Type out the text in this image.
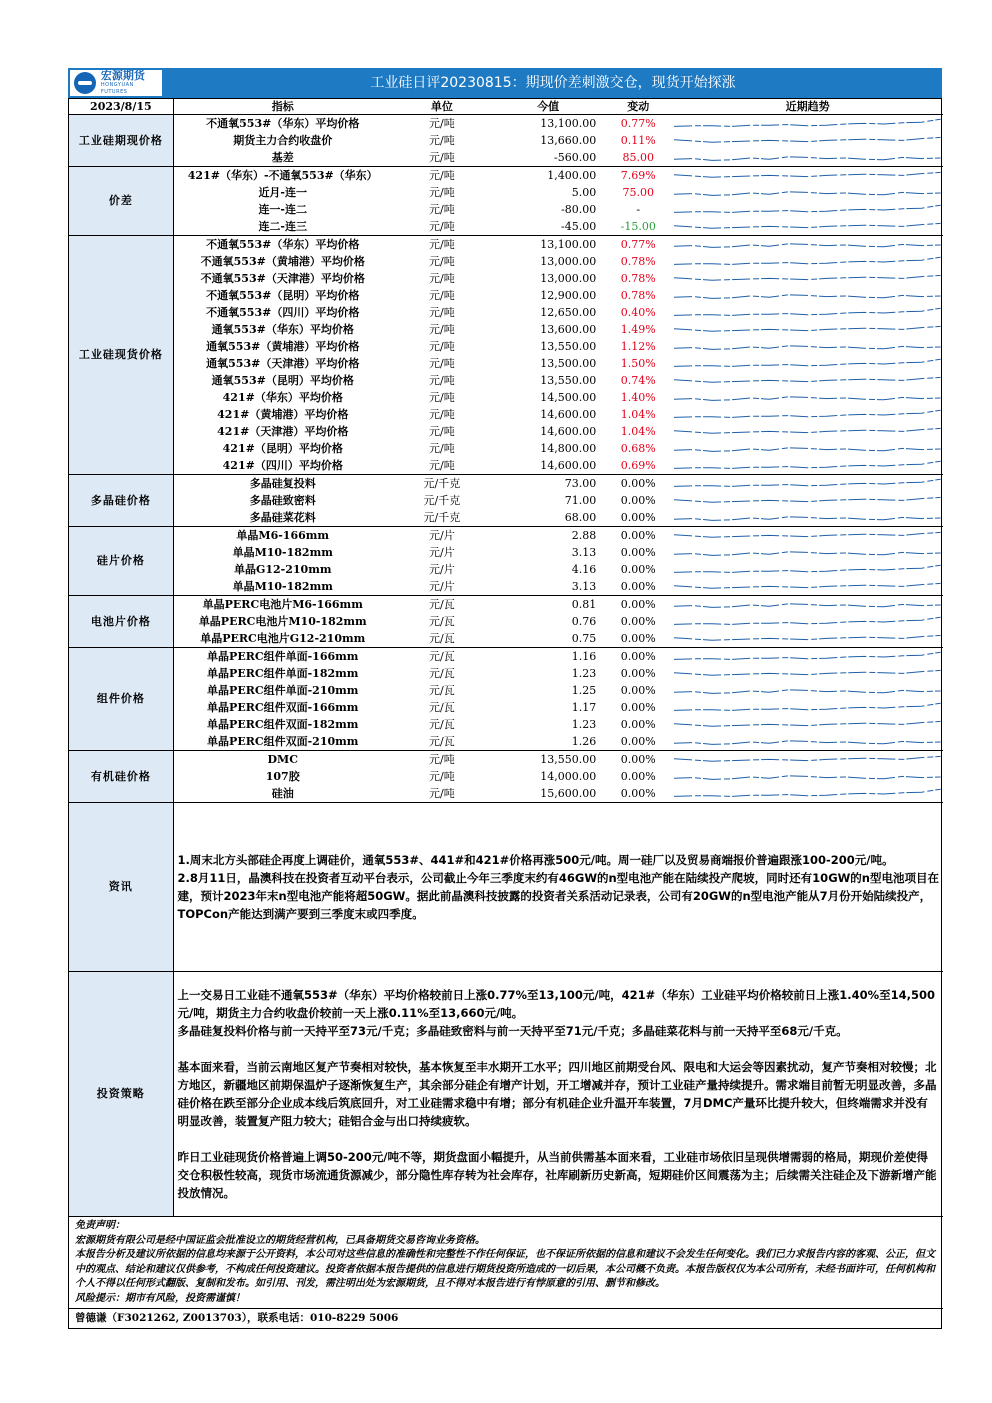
宏源期货
HONGYUAN FUTURES
工业硅日评20230815：期现价差刺激交仓，现货开始探涨
2023/8/15	指标	单位	今值	变动	近期趋势
工业硅期现价格	不通氧553#（华东）平均价格	元/吨	13,100.00	0.77%	

	期货主力合约收盘价	元/吨	13,660.00	0.11%	

	基差	元/吨	-560.00	85.00	

价差	421#（华东）-不通氧553#（华东）	元/吨	1,400.00	7.69%	

	近月-连一	元/吨	5.00	75.00	

	连一-连二	元/吨	-80.00	-	

	连二-连三	元/吨	-45.00	-15.00	

工业硅现货价格	不通氧553#（华东）平均价格	元/吨	13,100.00	0.77%	

	不通氧553#（黄埔港）平均价格	元/吨	13,000.00	0.78%	

	不通氧553#（天津港）平均价格	元/吨	13,000.00	0.78%	

	不通氧553#（昆明）平均价格	元/吨	12,900.00	0.78%	

	不通氧553#（四川）平均价格	元/吨	12,650.00	0.40%	

	通氧553#（华东）平均价格	元/吨	13,600.00	1.49%	

	通氧553#（黄埔港）平均价格	元/吨	13,550.00	1.12%	

	通氧553#（天津港）平均价格	元/吨	13,500.00	1.50%	

	通氧553#（昆明）平均价格	元/吨	13,550.00	0.74%	

	421#（华东）平均价格	元/吨	14,500.00	1.40%	

	421#（黄埔港）平均价格	元/吨	14,600.00	1.04%	

	421#（天津港）平均价格	元/吨	14,600.00	1.04%	

	421#（昆明）平均价格	元/吨	14,800.00	0.68%	

	421#（四川）平均价格	元/吨	14,600.00	0.69%	

多晶硅价格	多晶硅复投料	元/千克	73.00	0.00%	

	多晶硅致密料	元/千克	71.00	0.00%	

	多晶硅菜花料	元/千克	68.00	0.00%	

硅片价格	单晶M6-166mm	元/片	2.88	0.00%	

	单晶M10-182mm	元/片	3.13	0.00%	

	单晶G12-210mm	元/片	4.16	0.00%	

	单晶M10-182mm	元/片	3.13	0.00%	

电池片价格	单晶PERC电池片M6-166mm	元/瓦	0.81	0.00%	

	单晶PERC电池片M10-182mm	元/瓦	0.76	0.00%	

	单晶PERC电池片G12-210mm	元/瓦	0.75	0.00%	

组件价格	单晶PERC组件单面-166mm	元/瓦	1.16	0.00%	

	单晶PERC组件单面-182mm	元/瓦	1.23	0.00%	

	单晶PERC组件单面-210mm	元/瓦	1.25	0.00%	

	单晶PERC组件双面-166mm	元/瓦	1.17	0.00%	

	单晶PERC组件双面-182mm	元/瓦	1.23	0.00%	

	单晶PERC组件双面-210mm	元/瓦	1.26	0.00%	

有机硅价格	DMC	元/吨	13,550.00	0.00%	

	107胶	元/吨	14,000.00	0.00%	

	硅油	元/吨	15,600.00	0.00%	
资讯	1.周末北方头部硅企再度上调硅价，通氧553#、441#和421#价格再涨500元/吨。周一硅厂以及贸易商端报价普遍跟涨100-200元/吨。

2.8月11日，晶澳科技在投资者互动平台表示，公司截止今年三季度末约有46GW的n型电池产能在陆续投产爬坡，同时还有10GW的n型电池项目在建，预计2023年末n型电池产能将超50GW。据此前晶澳科技披露的投资者关系活动记录表，公司有20GW的n型电池产能从7月份开始陆续投产，TOPCon产能达到满产要到三季度末或四季度。

投资策略	上一交易日工业硅不通氧553#（华东）平均价格较前日上涨0.77%至13,100元/吨，421#（华东）工业硅平均价格较前日上涨1.40%至14,500元/吨，期货主力合约收盘价较前一天上涨0.11%至13,660元/吨。

多晶硅复投料价格与前一天持平至73元/千克；多晶硅致密料与前一天持平至71元/千克；多晶硅菜花料与前一天持平至68元/千克。

基本面来看，当前云南地区复产节奏相对较快，基本恢复至丰水期开工水平；四川地区前期受台风、限电和大运会等因素扰动，复产节奏相对较慢；北方地区，新疆地区前期保温炉子逐渐恢复生产，其余部分硅企有增产计划，开工增减并存，预计工业硅产量持续提升。需求端目前暂无明显改善，多晶硅价格在跌至部分企业成本线后筑底回升，对工业硅需求稳中有增；部分有机硅企业升温开车装置，7月DMC产量环比提升较大，但终端需求并没有明显改善，装置复产阻力较大；硅铝合金与出口持续疲软。

昨日工业硅现货价格普遍上调50-200元/吨不等，期货盘面小幅提升，从当前供需基本面来看，工业硅市场依旧呈现供增需弱的格局，期现价差使得交仓积极性较高，现货市场流通货源减少，部分隐性库存转为社会库存，社库刷新历史新高，短期硅价区间震荡为主；后续需关注硅企及下游新增产能投放情况。

免责声明：
宏源期货有限公司是经中国证监会批准设立的期货经营机构，已具备期货交易咨询业务资格。
本报告分析及建议所依据的信息均来源于公开资料，本公司对这些信息的准确性和完整性不作任何保证，也不保证所依据的信息和建议不会发生任何变化。我们已力求报告内容的客观、公正，但文中的观点、结论和建议仅供参考，不构成任何投资建议。投资者依据本报告提供的信息进行期货投资所造成的一切后果，本公司概不负责。本报告版权仅为本公司所有，未经书面许可，任何机构和个人不得以任何形式翻版、复制和发布。如引用、刊发，需注明出处为宏源期货，且不得对本报告进行有悖原意的引用、删节和修改。
风险提示：期市有风险，投资需谨慎！	

曾德谦（F3021262, Z0013703），联系电话：010-8229 5006	
